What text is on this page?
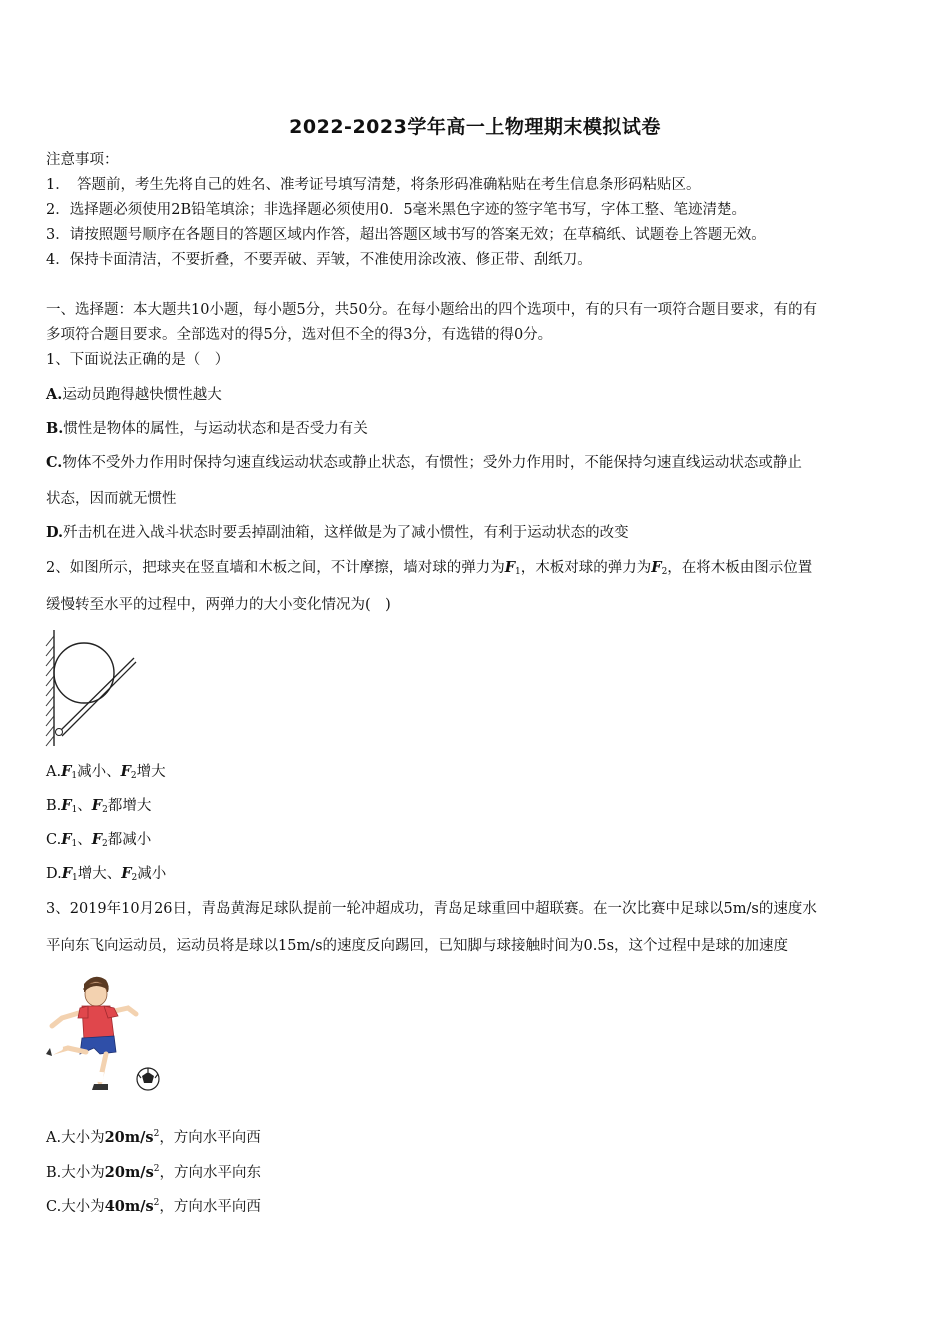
2022-2023学年高一上物理期末模拟试卷
注意事项：
1．　答题前，考生先将自己的姓名、准考证号填写清楚，将条形码准确粘贴在考生信息条形码粘贴区。
2．选择题必须使用2B铅笔填涂；非选择题必须使用0．5毫米黑色字迹的签字笔书写，字体工整、笔迹清楚。
3．请按照题号顺序在各题目的答题区域内作答，超出答题区域书写的答案无效；在草稿纸、试题卷上答题无效。
4．保持卡面清洁，不要折叠，不要弄破、弄皱，不准使用涂改液、修正带、刮纸刀。
一、选择题：本大题共10小题，每小题5分，共50分。在每小题给出的四个选项中，有的只有一项符合题目要求，有的有
多项符合题目要求。全部选对的得5分，选对但不全的得3分，有选错的得0分。
1、下面说法正确的是（　）
A.运动员跑得越快惯性越大
B.惯性是物体的属性，与运动状态和是否受力有关
C.物体不受外力作用时保持匀速直线运动状态或静止状态，有惯性；受外力作用时，不能保持匀速直线运动状态或静止
状态，因而就无惯性
D.歼击机在进入战斗状态时要丢掉副油箱，这样做是为了减小惯性，有利于运动状态的改变
2、如图所示，把球夹在竖直墙和木板之间，不计摩擦，墙对球的弹力为$F_1$，木板对球的弹力为$F_2$，在将木板由图示位置
缓慢转至水平的过程中，两弹力的大小变化情况为(　)
$A.F_1$减小、$F_2$增大
$B.F_1$、$F_2$都增大
$C.F_1$、$F_2$都减小
$D.F_1$增大、$F_2$减小
3、2019年10月26日，青岛黄海足球队提前一轮冲超成功，青岛足球重回中超联赛。在一次比赛中足球以5m/s的速度水
平向东飞向运动员，运动员将是球以15m/s的速度反向踢回，已知脚与球接触时间为0.5s，这个过程中是球的加速度
A.大小为$20m/s^2$，方向水平向西
B.大小为$20m/s^2$，方向水平向东
C.大小为$40m/s^2$，方向水平向西
